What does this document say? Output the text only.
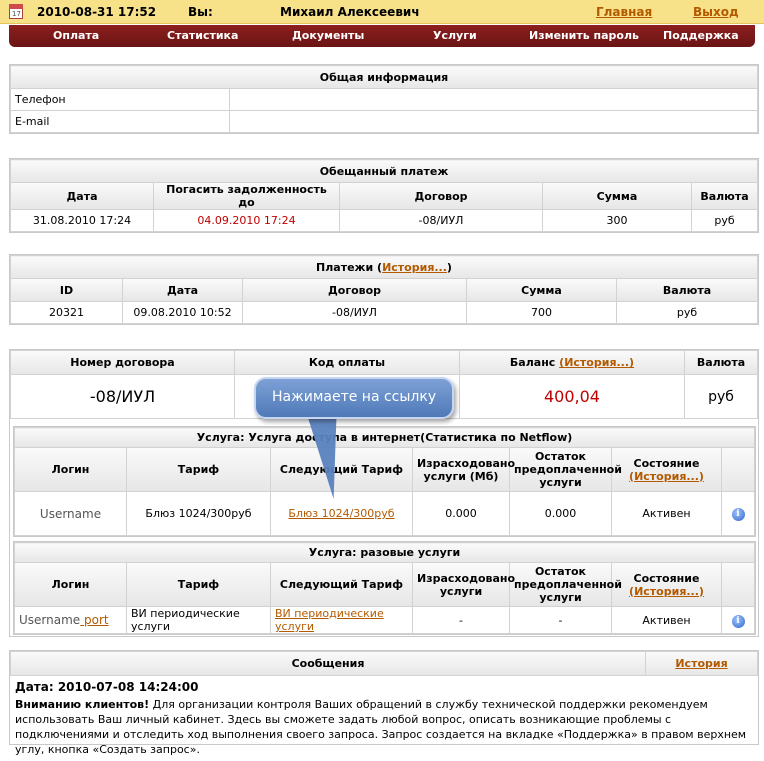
17 2010-08-31 17:52	Вы:	Михаил Алексеевич	Главная	Выход
Оплата	Статистика	Документы	Услуги	Изменить пароль Поддержка
Общая информация	
Телефон	
E-mail	
Обещанный платеж				
Дата	Погасить задолженность до	Договор	Сумма	Валюта
31.08.2010 17:24	04.09.2010 17:24	-08/ИУЛ	300	руб
Платежи (История...)				
ID	Дата	Договор	Сумма	Валюта
20321	09.08.2010 10:52	-08/ИУЛ	700	руб
Номер договора	Код оплаты	Баланс (История...)	Валюта
-08/ИУЛ		400,04	руб
Услуга: Услуга доступа в интернет(Статистика по Netflow)						
Логин	Тариф	Следующий Тариф	Израсходовано услуги (Мб)	Остаток предоплаченной услуги	Состояние
(История...)	
Username	Блюз 1024/300руб	Блюз 1024/300руб	0.000	0.000	Активен	i
Услуга: разовые услуги						
Логин	Тариф	Следующий Тариф	Израсходовано услуги	Остаток предоплаченной услуги	Состояние
(История...)	
Username port	ВИ периодические услуги	ВИ периодические услуги	-	-	Активен	i
Нажимаете на ссылку
Сообщения	История
Дата: 2010-07-08 14:24:00
Вниманию клиентов! Для организации контроля Ваших обращений в службу технической поддержки рекомендуем использовать Ваш личный кабинет. Здесь вы сможете задать любой вопрос, описать возникающие проблемы с подключениями и отследить ход выполнения своего запроса. Запрос создается на вкладке «Поддержка» в правом верхнем углу, кнопка «Создать запрос».
